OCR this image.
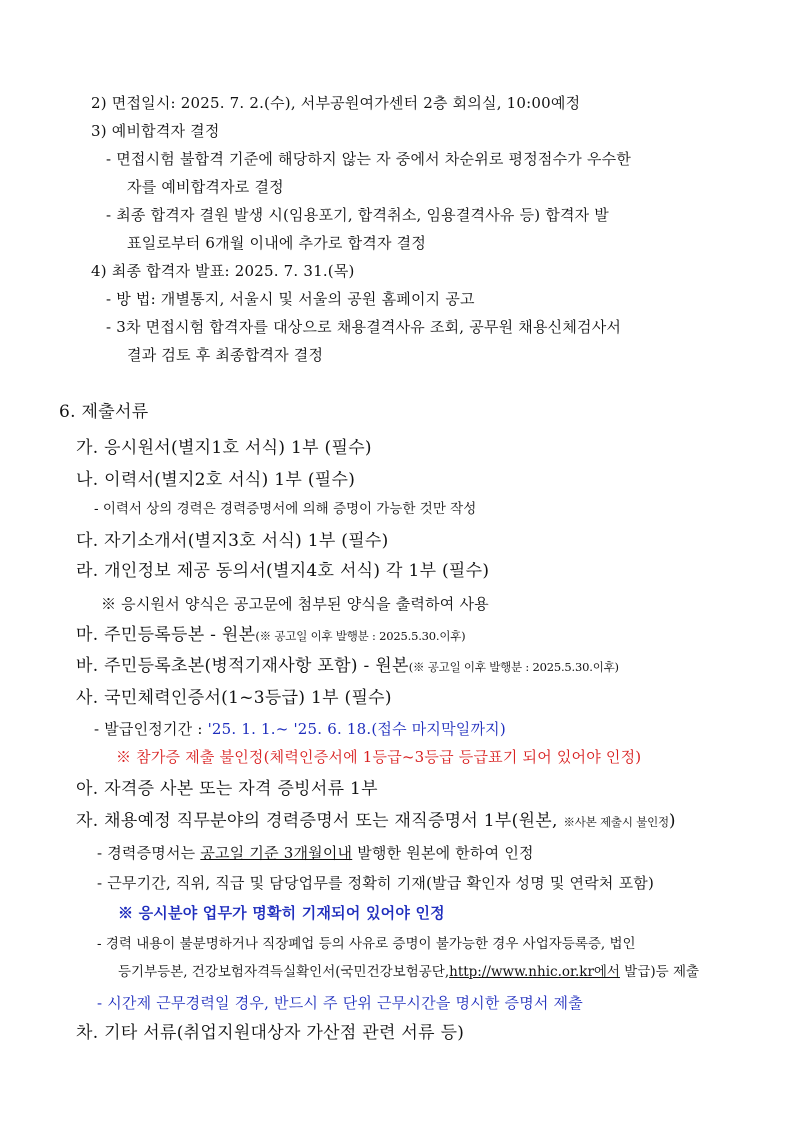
2) 면접일시: 2025. 7. 2.(수), 서부공원여가센터 2층 회의실, 10:00예정
3) 예비합격자 결정
- 면접시험 불합격 기준에 해당하지 않는 자 중에서 차순위로 평정점수가 우수한
자를 예비합격자로 결정
- 최종 합격자 결원 발생 시(임용포기, 합격취소, 임용결격사유 등) 합격자 발
표일로부터 6개월 이내에 추가로 합격자 결정
4) 최종 합격자 발표: 2025. 7. 31.(목)
- 방 법: 개별통지, 서울시 및 서울의 공원 홈페이지 공고
- 3차 면접시험 합격자를 대상으로 채용결격사유 조회, 공무원 채용신체검사서
결과 검토 후 최종합격자 결정
6. 제출서류
가. 응시원서(별지1호 서식) 1부 (필수)
나. 이력서(별지2호 서식) 1부 (필수)
- 이력서 상의 경력은 경력증명서에 의해 증명이 가능한 것만 작성
다. 자기소개서(별지3호 서식) 1부 (필수)
라. 개인정보 제공 동의서(별지4호 서식) 각 1부 (필수)
※ 응시원서 양식은 공고문에 첨부된 양식을 출력하여 사용
마. 주민등록등본 - 원본(※ 공고일 이후 발행분 : 2025.5.30.이후)
바. 주민등록초본(병적기재사항 포함) - 원본(※ 공고일 이후 발행분 : 2025.5.30.이후)
사. 국민체력인증서(1~3등급) 1부 (필수)
- 발급인정기간 : '25. 1. 1.~ '25. 6. 18.(접수 마지막일까지)
※ 참가증 제출 불인정(체력인증서에 1등급~3등급 등급표기 되어 있어야 인정)
아. 자격증 사본 또는 자격 증빙서류 1부
자. 채용예정 직무분야의 경력증명서 또는 재직증명서 1부(원본, ※사본 제출시 불인정)
- 경력증명서는 공고일 기준 3개월이내 발행한 원본에 한하여 인정
- 근무기간, 직위, 직급 및 담당업무를 정확히 기재(발급 확인자 성명 및 연락처 포함)
※ 응시분야 업무가 명확히 기재되어 있어야 인정
- 경력 내용이 불분명하거나 직장폐업 등의 사유로 증명이 불가능한 경우 사업자등록증, 법인
등기부등본, 건강보험자격득실확인서(국민건강보험공단,http://www.nhic.or.kr에서 발급)등 제출
- 시간제 근무경력일 경우, 반드시 주 단위 근무시간을 명시한 증명서 제출
차. 기타 서류(취업지원대상자 가산점 관련 서류 등)
